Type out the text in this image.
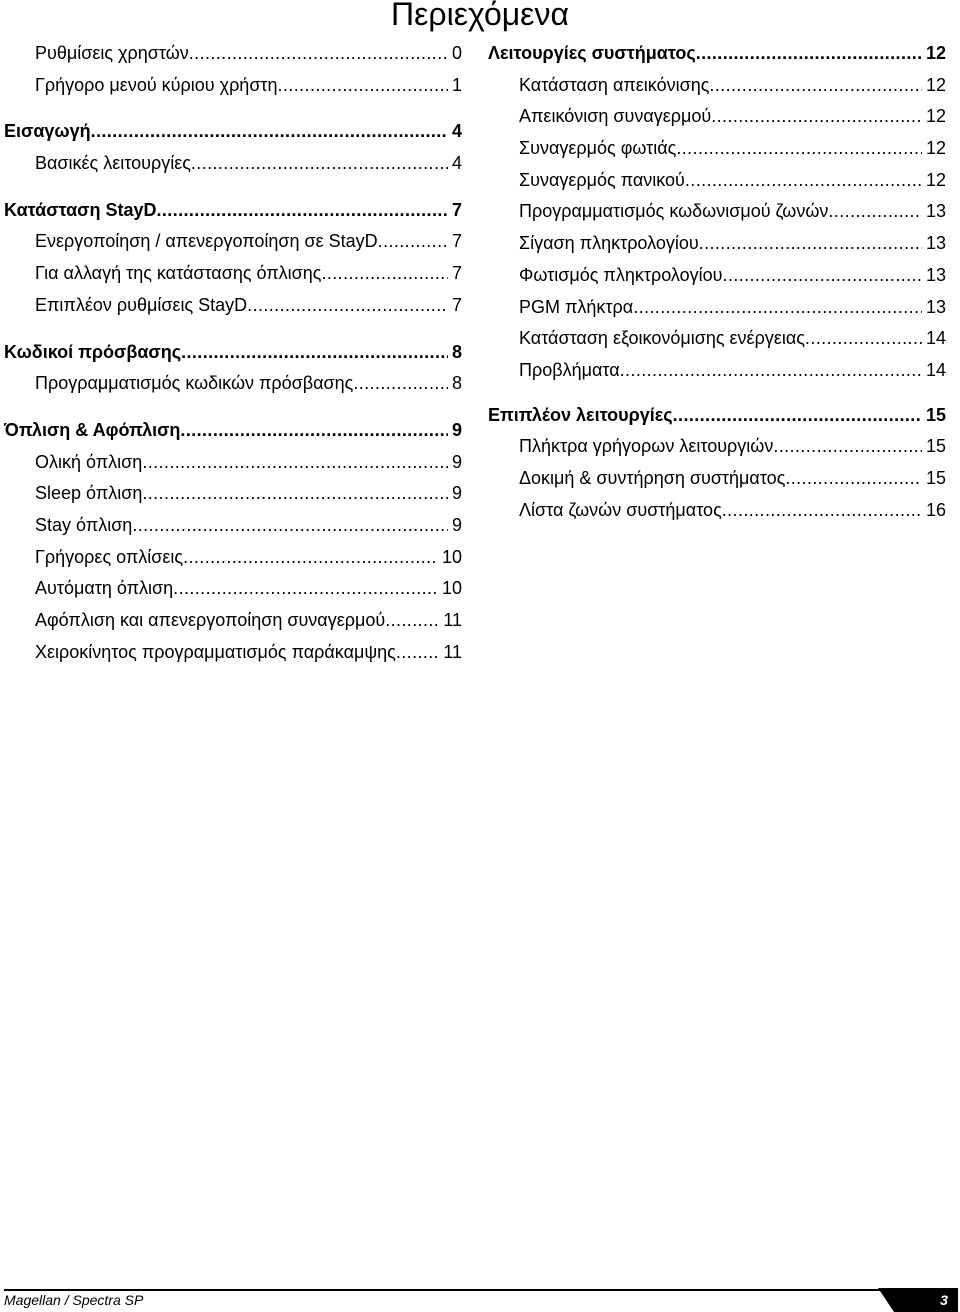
Περιεχόμενα
Ρυθμίσεις χρηστών .....	0
Γρήγορο μενού κύριου χρήστη .....	1
Εισαγωγή .....	4
Βασικές λειτουργίες .....	4
Κατάσταση StayD .....	7
Ενεργοποίηση / απενεργοποίηση σε StayD .....	7
Για αλλαγή της κατάστασης όπλισης .....	7
Επιπλέον ρυθμίσεις StayD .....	7
Κωδικοί πρόσβασης .....	8
Προγραμματισμός κωδικών πρόσβασης .....	8
Όπλιση & Αφόπλιση .....	9
Ολική όπλιση .....	9
Sleep όπλιση .....	9
Stay όπλιση .....	9
Γρήγορες οπλίσεις .....	10
Αυτόματη όπλιση .....	10
Αφόπλιση και απενεργοποίηση συναγερμού .....	11
Χειροκίνητος προγραμματισμός παράκαμψης .....	11
Λειτουργίες συστήματος .....	12
Κατάσταση απεικόνισης .....	12
Απεικόνιση συναγερμού .....	12
Συναγερμός φωτιάς .....	12
Συναγερμός πανικού .....	12
Προγραμματισμός κωδωνισμού ζωνών .....	13
Σίγαση πληκτρολογίου .....	13
Φωτισμός πληκτρολογίου .....	13
PGM πλήκτρα .....	13
Κατάσταση εξοικονόμισης ενέργειας .....	14
Προβλήματα .....	14
Επιπλέον λειτουργίες .....	15
Πλήκτρα γρήγορων λειτουργιών .....	15
Δοκιμή & συντήρηση συστήματος .....	15
Λίστα ζωνών συστήματος .....	16
Magellan / Spectra SP	3
